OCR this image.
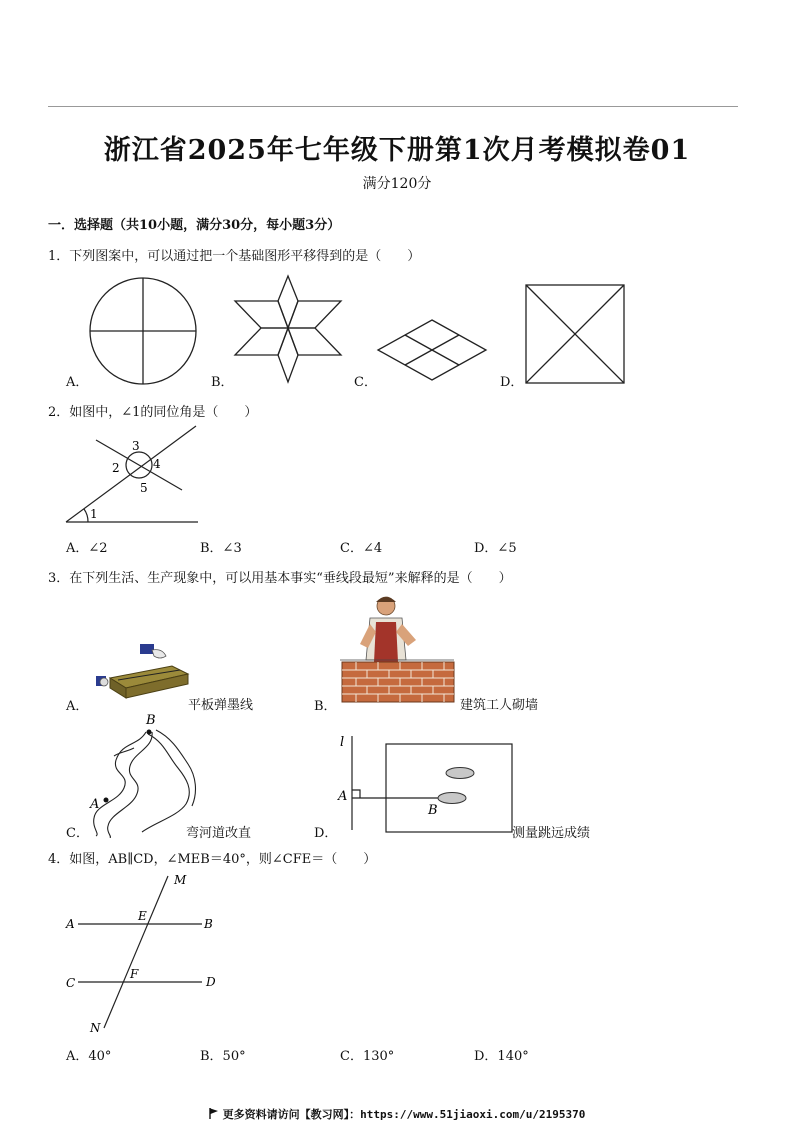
浙江省2025年七年级下册第1次月考模拟卷01
满分120分
一．选择题（共10小题，满分30分，每小题3分）
1．下列图案中，可以通过把一个基础图形平移得到的是（　　）
A．	B．	C．	D．
2．如图中，∠1的同位角是（　　）
1
2
3
4
5
A．∠2	B．∠3	C．∠4	D．∠5
3．在下列生活、生产现象中，可以用基本事实“垂线段最短”来解释的是（　　）
A．	平板弹墨线	B．	建筑工人砌墙
B
A
C．	弯河道改直
l
A
B
D．	测量跳远成绩
4．如图，AB∥CD，∠MEB＝40°，则∠CFE＝（　　）
M
A
E
B
C
F
D
N
A．40°	B．50°	C．130°	D．140°
更多资料请访问【教习网】：https://www.51jiaoxi.com/u/2195370
